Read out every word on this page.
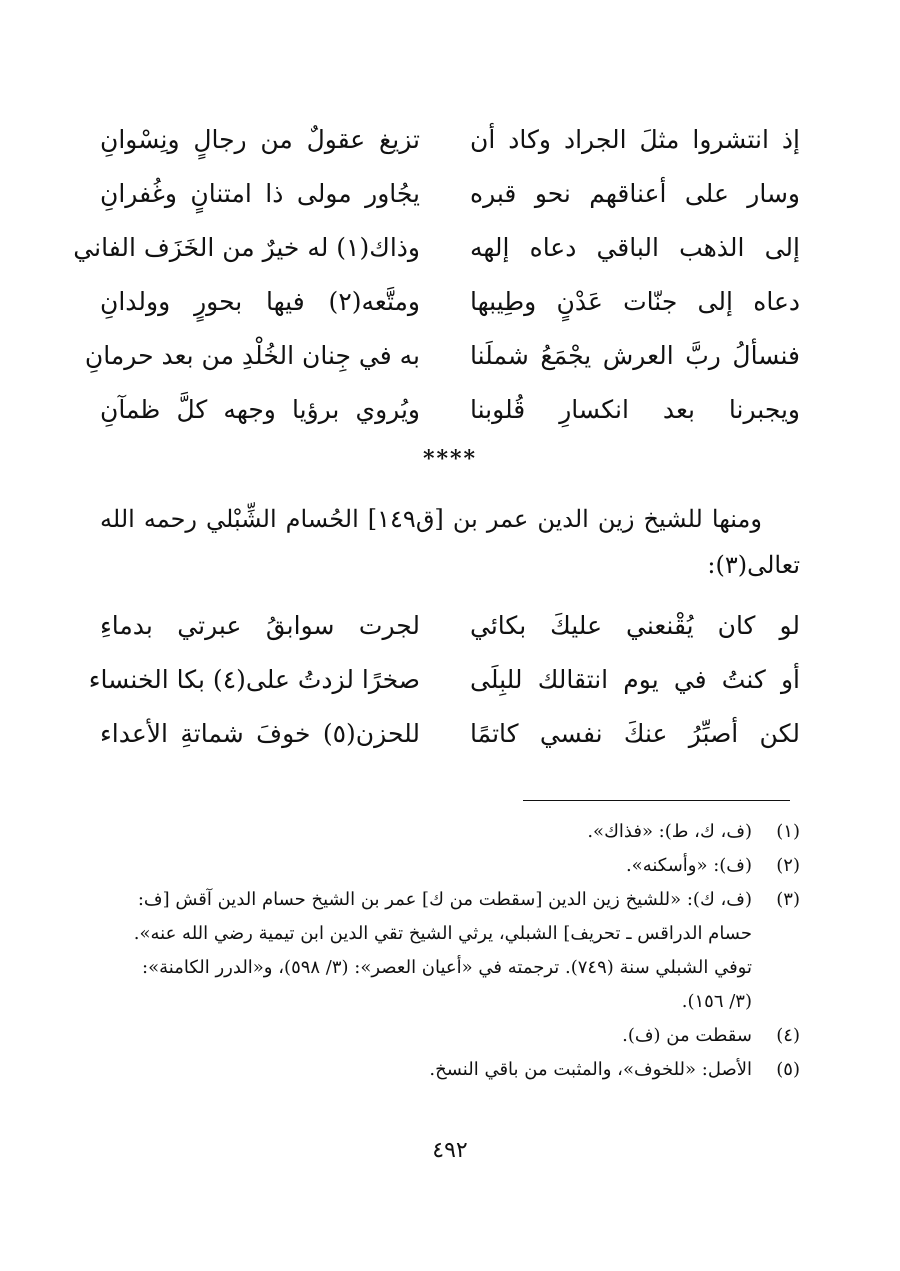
إذ انتشروا مثلَ الجراد وكاد أن
تزيغ عقولٌ من رجالٍ ونِسْوانِ
وسار على أعناقهم نحو قبره
يجُاور مولى ذا امتنانٍ وغُفرانِ
إلى الذهب الباقي دعاه إلهه
وذاك(١) له خيرٌ من الخَزَف الفاني
دعاه إلى جنّات عَدْنٍ وطِيبها
ومتَّعه(٢) فيها بحورٍ وولدانِ
فنسألُ ربَّ العرش يجْمَعُ شملَنا
به في جِنان الخُلْدِ من بعد حرمانِ
ويجبرنا بعد انكسارِ قُلوبنا
ويُروي برؤيا وجهه كلَّ ظمآنِ
****
ومنها للشيخ زين الدين عمر بن [ق١٤٩] الحُسام الشِّبْلي رحمه الله تعالى(٣):
لو كان يُقْنعني عليكَ بكائي
لجرت سوابقُ عبرتي بدماءِ
أو كنتُ في يوم انتقالك للبِلَى
صخرًا لزدتُ على(٤) بكا الخنساء
لكن أصبِّرُ عنكَ نفسي كاتمًا
للحزن(٥) خوفَ شماتةِ الأعداء
(١)
(ف، ك، ط): «فذاك».
(٢)
(ف): «وأسكنه».
(٣)
(ف، ك): «للشيخ زين الدين [سقطت من ك] عمر بن الشيخ حسام الدين آقش [ف:
حسام الدراقس ـ تحريف] الشبلي، يرثي الشيخ تقي الدين ابن تيمية رضي الله عنه».
توفي الشبلي سنة (٧٤٩). ترجمته في «أعيان العصر»: (٣/ ٥٩٨)، و«الدرر الكامنة»:
(٣/ ١٥٦).
(٤)
سقطت من (ف).
(٥)
الأصل: «للخوف»، والمثبت من باقي النسخ.
٤٩٢
